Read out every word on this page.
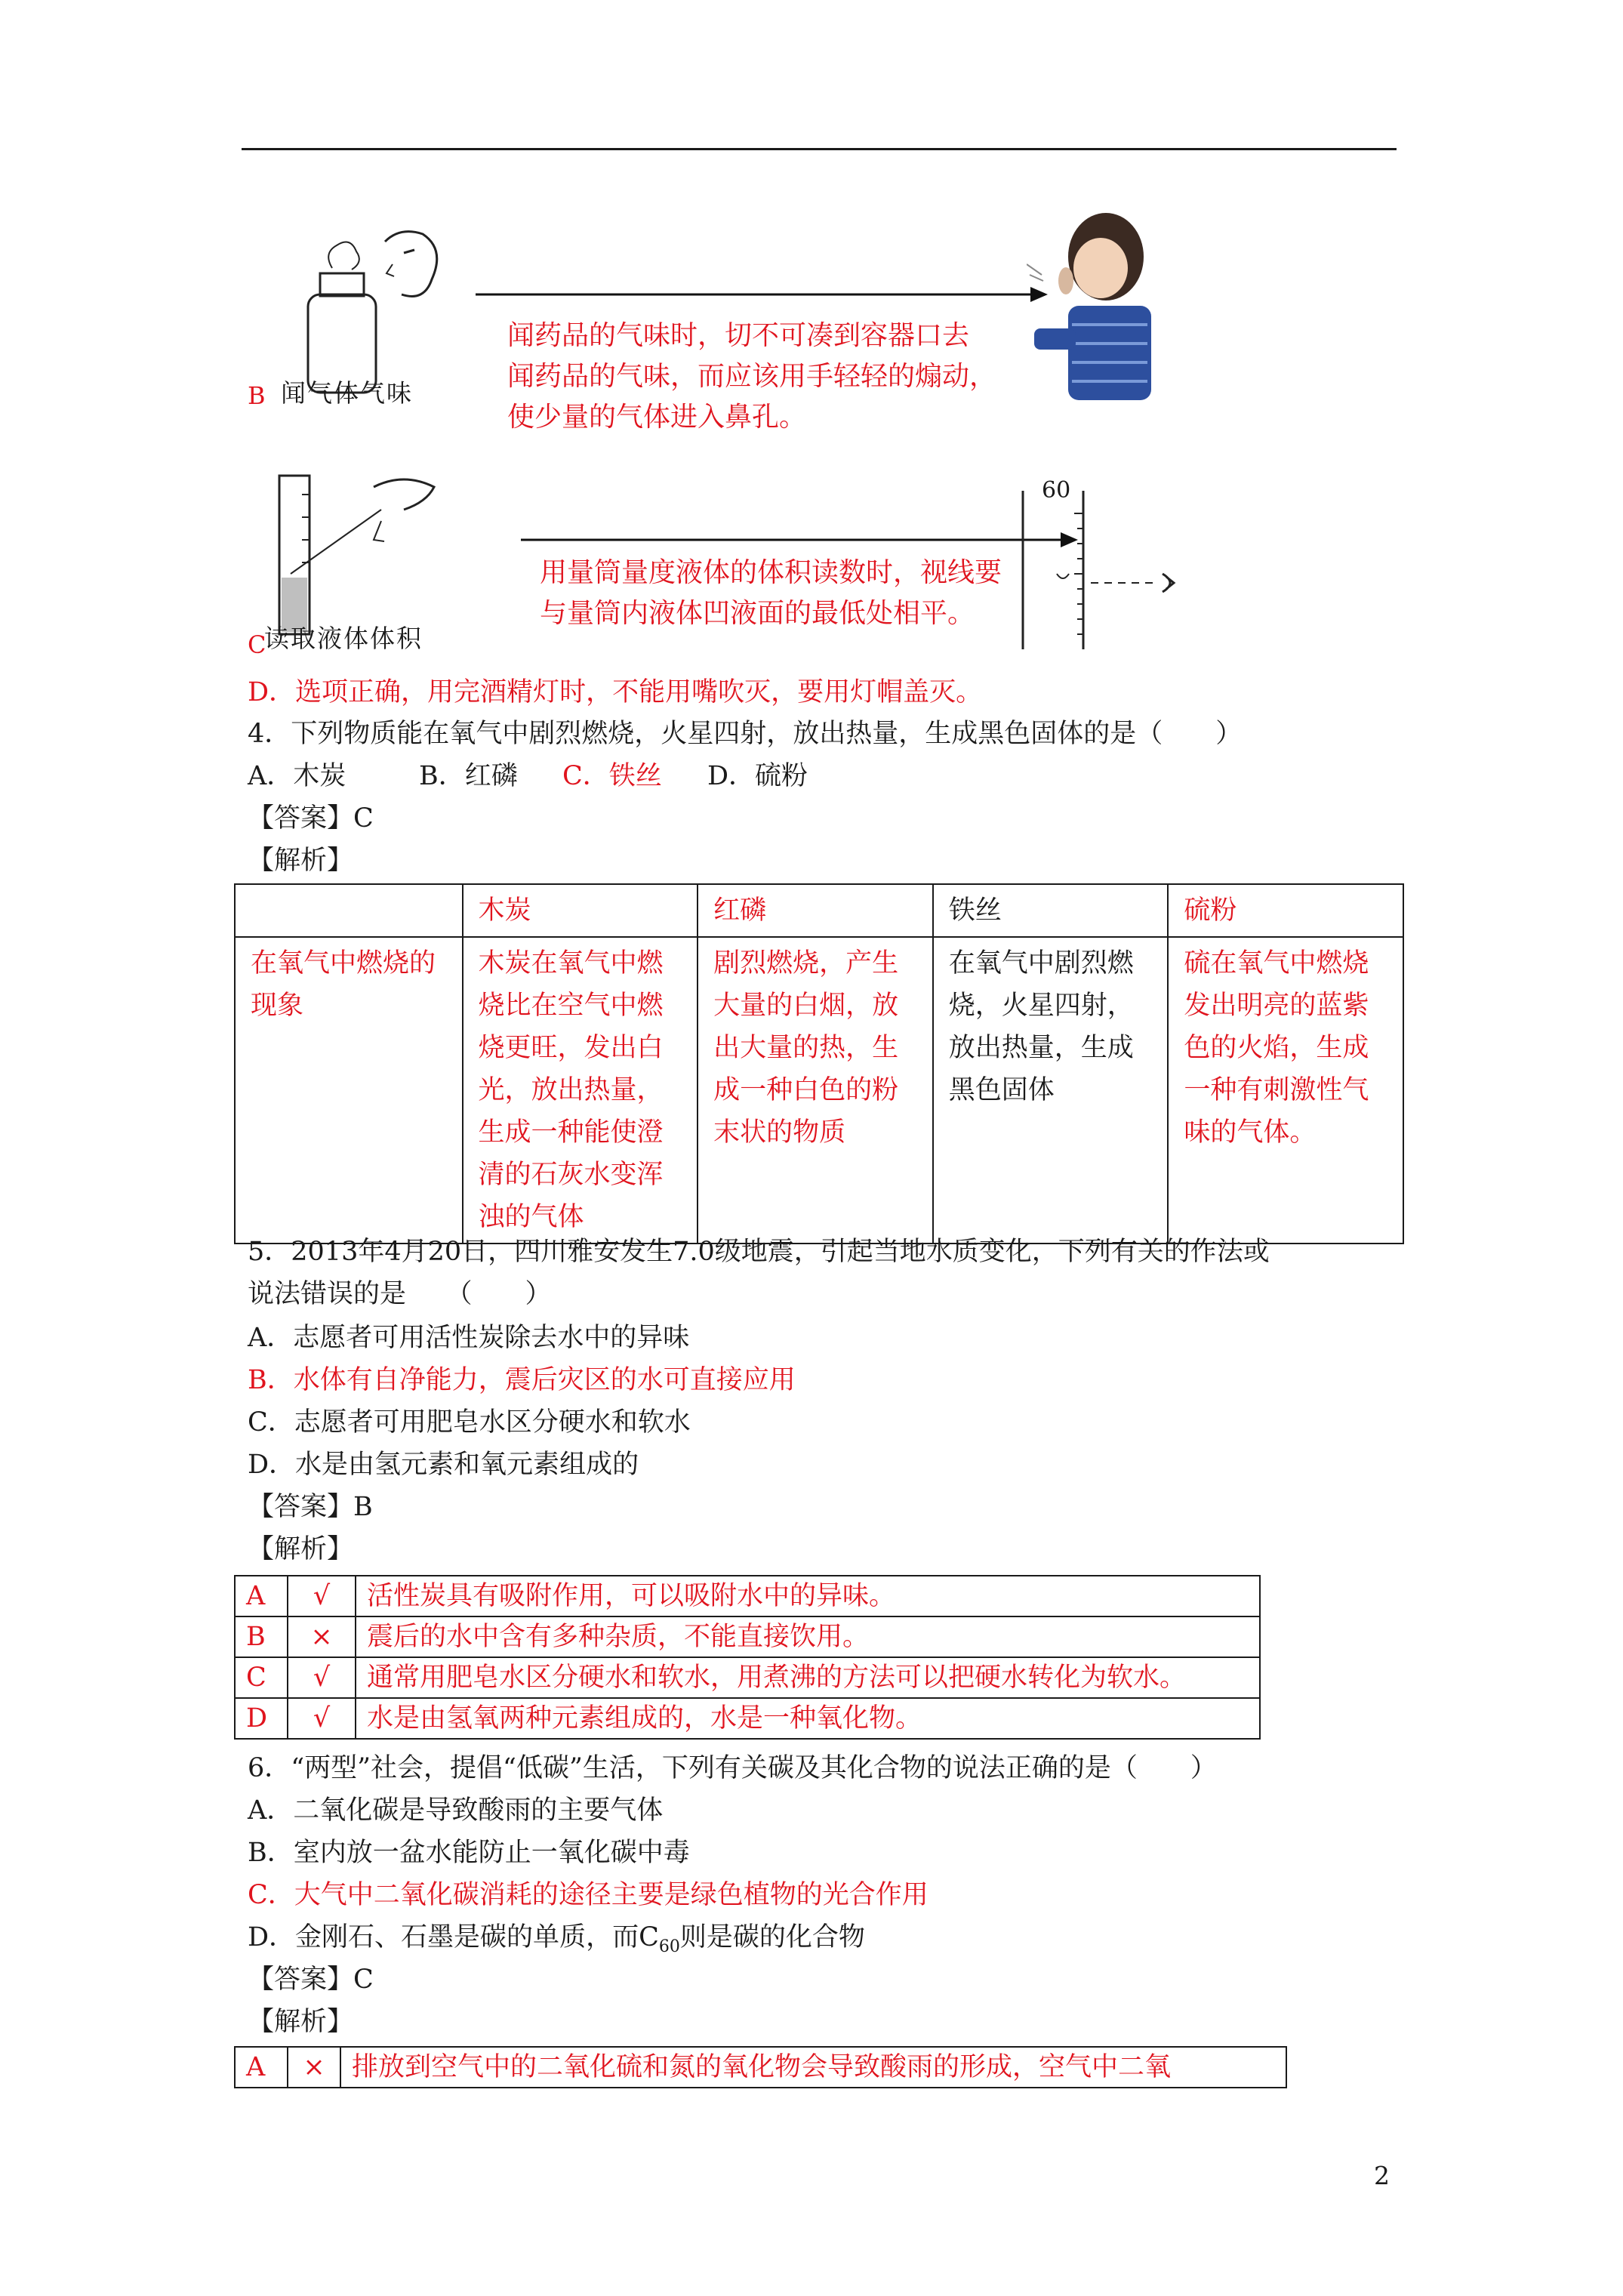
B 闻气体气味
闻药品的气味时，切不可凑到容器口去
闻药品的气味，而应该用手轻轻的煽动，
使少量的气体进入鼻孔。
C
读取液体体积
用量筒量度液体的体积读数时，视线要
与量筒内液体凹液面的最低处相平。
60
D．选项正确，用完酒精灯时，不能用嘴吹灭，要用灯帽盖灭。
4．下列物质能在氧气中剧烈燃烧，火星四射，放出热量，生成黑色固体的是（　　）
A．木炭	B．红磷 C．铁丝 D．硫粉
【答案】C
【解析】
	木炭	红磷	铁丝	硫粉
在氧气中燃烧的现象	木炭在氧气中燃烧比在空气中燃烧更旺，发出白光，放出热量，生成一种能使澄清的石灰水变浑浊的气体	剧烈燃烧，产生大量的白烟，放出大量的热，生成一种白色的粉末状的物质	在氧气中剧烈燃烧，火星四射，放出热量，生成黑色固体	硫在氧气中燃烧发出明亮的蓝紫色的火焰，生成一种有刺激性气味的气体。
5．2013年4月20日，四川雅安发生7.0级地震，引起当地水质变化，下列有关的作法或
说法错误的是　　（　　）
A．志愿者可用活性炭除去水中的异味
B．水体有自净能力，震后灾区的水可直接应用
C．志愿者可用肥皂水区分硬水和软水
D．水是由氢元素和氧元素组成的
【答案】B
【解析】
A	√	活性炭具有吸附作用，可以吸附水中的异味。
B	×	震后的水中含有多种杂质，不能直接饮用。
C	√	通常用肥皂水区分硬水和软水，用煮沸的方法可以把硬水转化为软水。
D	√	水是由氢氧两种元素组成的，水是一种氧化物。
6．“两型”社会，提倡“低碳”生活，下列有关碳及其化合物的说法正确的是（　　）
A．二氧化碳是导致酸雨的主要气体
B．室内放一盆水能防止一氧化碳中毒
C．大气中二氧化碳消耗的途径主要是绿色植物的光合作用
D．金刚石、石墨是碳的单质，而$C_{60}$则是碳的化合物
【答案】C
【解析】
A	×	排放到空气中的二氧化硫和氮的氧化物会导致酸雨的形成，空气中二氧
2
